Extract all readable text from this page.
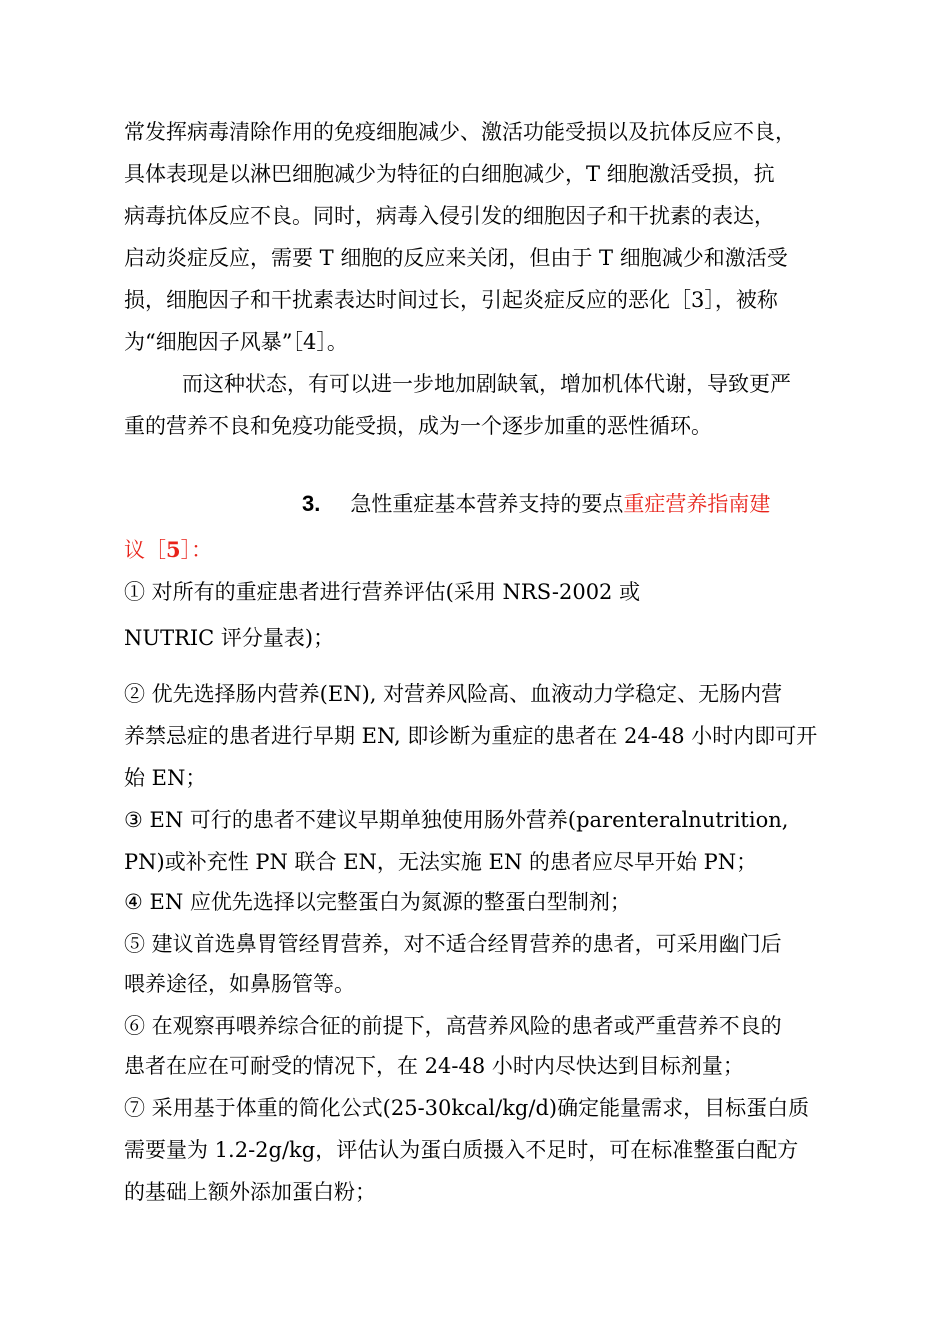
常发挥病毒清除作用的免疫细胞减少、激活功能受损以及抗体反应不良，
具体表现是以淋巴细胞减少为特征的白细胞减少，T 细胞激活受损，抗
病毒抗体反应不良。同时，病毒入侵引发的细胞因子和干扰素的表达，
启动炎症反应，需要 T 细胞的反应来关闭，但由于 T 细胞减少和激活受
损，细胞因子和干扰素表达时间过长，引起炎症反应的恶化［3］，被称
为“细胞因子风暴”［4］。
而这种状态，有可以进一步地加剧缺氧，增加机体代谢，导致更严
重的营养不良和免疫功能受损，成为一个逐步加重的恶性循环。
3. 急性重症基本营养支持的要点重症营养指南建
议［5］：
① 对所有的重症患者进行营养评估(采用 NRS-2002 或
NUTRIC 评分量表)；
② 优先选择肠内营养(EN), 对营养风险高、血液动力学稳定、无肠内营
养禁忌症的患者进行早期 EN, 即诊断为重症的患者在 24-48 小时内即可开
始 EN；
③ EN 可行的患者不建议早期单独使用肠外营养(parenteralnutrition,
PN)或补充性 PN 联合 EN，无法实施 EN 的患者应尽早开始 PN；
④ EN 应优先选择以完整蛋白为氮源的整蛋白型制剂；
⑤ 建议首选鼻胃管经胃营养，对不适合经胃营养的患者，可采用幽门后
喂养途径，如鼻肠管等。
⑥ 在观察再喂养综合征的前提下，高营养风险的患者或严重营养不良的
患者在应在可耐受的情况下，在 24-48 小时内尽快达到目标剂量；
⑦ 采用基于体重的简化公式(25-30kcal/kg/d)确定能量需求，目标蛋白质
需要量为 1.2-2g/kg，评估认为蛋白质摄入不足时，可在标准整蛋白配方
的基础上额外添加蛋白粉；
